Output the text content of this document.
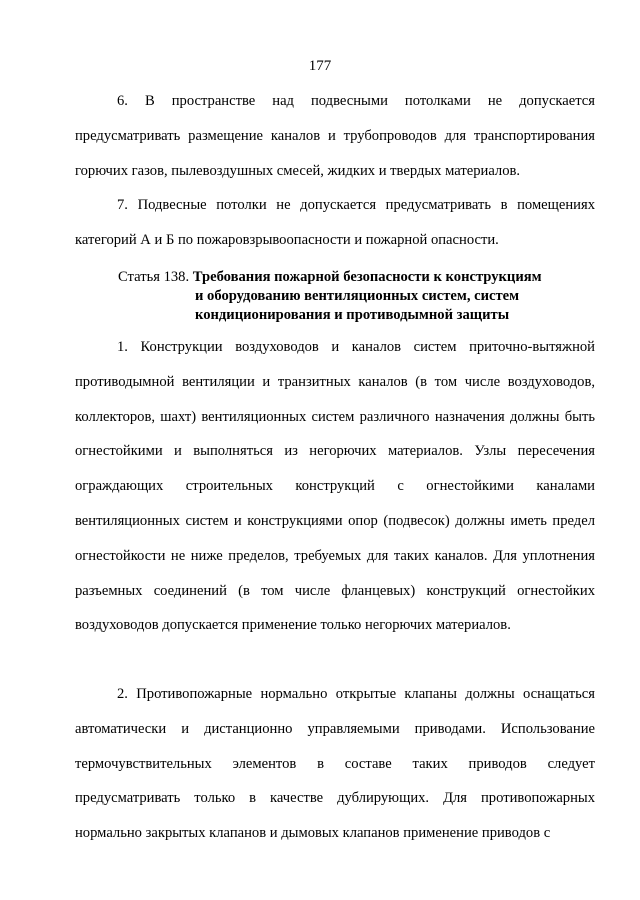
177

6. В пространстве над подвесными потолками не допускается предусматривать размещение каналов и трубопроводов для транспортирования горючих газов, пылевоздушных смесей, жидких и твердых материалов.

7. Подвесные потолки не допускается предусматривать в помещениях категорий А и Б по пожаровзрывоопасности и пожарной опасности.

Статья 138. Требования пожарной безопасности к конструкциям
и оборудованию вентиляционных систем, систем
кондиционирования и противодымной защиты

1. Конструкции воздуховодов и каналов систем приточно-вытяжной противодымной вентиляции и транзитных каналов (в том числе воздуховодов, коллекторов, шахт) вентиляционных систем различного назначения должны быть огнестойкими и выполняться из негорючих материалов. Узлы пересечения ограждающих строительных конструкций с огнестойкими каналами вентиляционных систем и конструкциями опор (подвесок) должны иметь предел огнестойкости не ниже пределов, требуемых для таких каналов. Для уплотнения разъемных соединений (в том числе фланцевых) конструкций огнестойких воздуховодов допускается применение только негорючих материалов.

2. Противопожарные нормально открытые клапаны должны оснащаться автоматически и дистанционно управляемыми приводами. Использование термочувствительных элементов в составе таких приводов следует предусматривать только в качестве дублирующих. Для противопожарных нормально закрытых клапанов и дымовых клапанов применение приводов с
